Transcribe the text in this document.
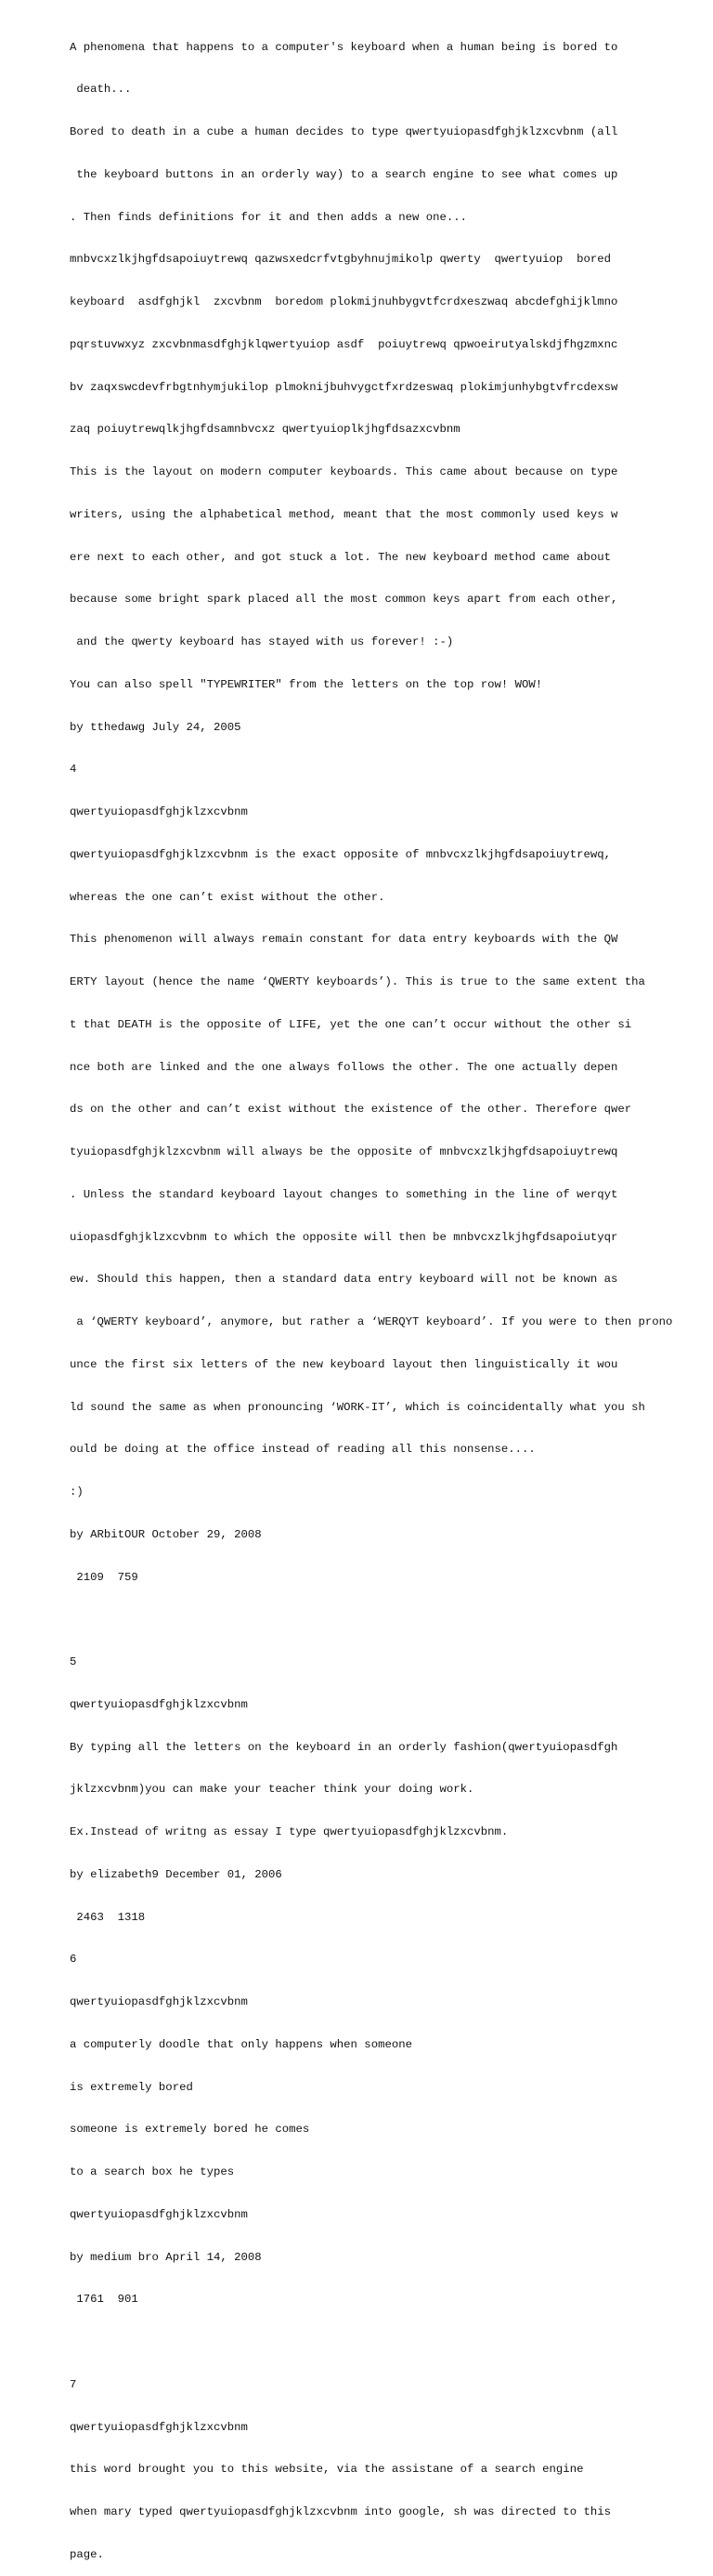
A phenomena that happens to a computer's keyboard when a human being is bored to

death...

Bored to death in a cube a human decides to type qwertyuiopasdfghjklzxcvbnm (all

the keyboard buttons in an orderly way) to a search engine to see what comes up

. Then finds definitions for it and then adds a new one...

mnbvcxzlkjhgfdsapoiuytrewq qazwsxedcrfvtgbyhnujmikolp qwerty  qwertyuiop  bored

keyboard  asdfghjkl  zxcvbnm  boredom plokmijnuhbygvtfcrdxeszwaq abcdefghijklmno

pqrstuvwxyz zxcvbnmasdfghjklqwertyuiop asdf  poiuytrewq qpwoeirutyalskdjfhgzmxnc

bv zaqxswcdevfrbgtnhymjukilop plmoknijbuhvygctfxrdzeswaq plokimjunhybgtvfrcdexsw

zaq poiuytrewqlkjhgfdsamnbvcxz qwertyuioplkjhgfdsazxcvbnm

This is the layout on modern computer keyboards. This came about because on type

writers, using the alphabetical method, meant that the most commonly used keys w

ere next to each other, and got stuck a lot. The new keyboard method came about

because some bright spark placed all the most common keys apart from each other,

and the qwerty keyboard has stayed with us forever! :-)

You can also spell "TYPEWRITER" from the letters on the top row! WOW!

by tthedawg July 24, 2005

4

qwertyuiopasdfghjklzxcvbnm

qwertyuiopasdfghjklzxcvbnm is the exact opposite of mnbvcxzlkjhgfdsapoiuytrewq,

whereas the one can’t exist without the other.

This phenomenon will always remain constant for data entry keyboards with the QW

ERTY layout (hence the name ‘QWERTY keyboards’). This is true to the same extent tha

t that DEATH is the opposite of LIFE, yet the one can’t occur without the other si

nce both are linked and the one always follows the other. The one actually depen

ds on the other and can’t exist without the existence of the other. Therefore qwer

tyuiopasdfghjklzxcvbnm will always be the opposite of mnbvcxzlkjhgfdsapoiuytrewq

. Unless the standard keyboard layout changes to something in the line of werqyt

uiopasdfghjklzxcvbnm to which the opposite will then be mnbvcxzlkjhgfdsapoiutyqr

ew. Should this happen, then a standard data entry keyboard will not be known as

a ‘QWERTY keyboard’, anymore, but rather a ‘WERQYT keyboard’. If you were to then prono

unce the first six letters of the new keyboard layout then linguistically it wou

ld sound the same as when pronouncing ‘WORK-IT’, which is coincidentally what you sh

ould be doing at the office instead of reading all this nonsense....

:)

by ARbitOUR October 29, 2008

2109  759

5

qwertyuiopasdfghjklzxcvbnm

By typing all the letters on the keyboard in an orderly fashion(qwertyuiopasdfgh

jklzxcvbnm)you can make your teacher think your doing work.

Ex.Instead of writng as essay I type qwertyuiopasdfghjklzxcvbnm.

by elizabeth9 December 01, 2006

2463  1318

6

qwertyuiopasdfghjklzxcvbnm

a computerly doodle that only happens when someone

is extremely bored

someone is extremely bored he comes

to a search box he types

qwertyuiopasdfghjklzxcvbnm

by medium bro April 14, 2008

1761  901

7

qwertyuiopasdfghjklzxcvbnm

this word brought you to this website, via the assistane of a search engine

when mary typed qwertyuiopasdfghjklzxcvbnm into google, sh was directed to this

page.
